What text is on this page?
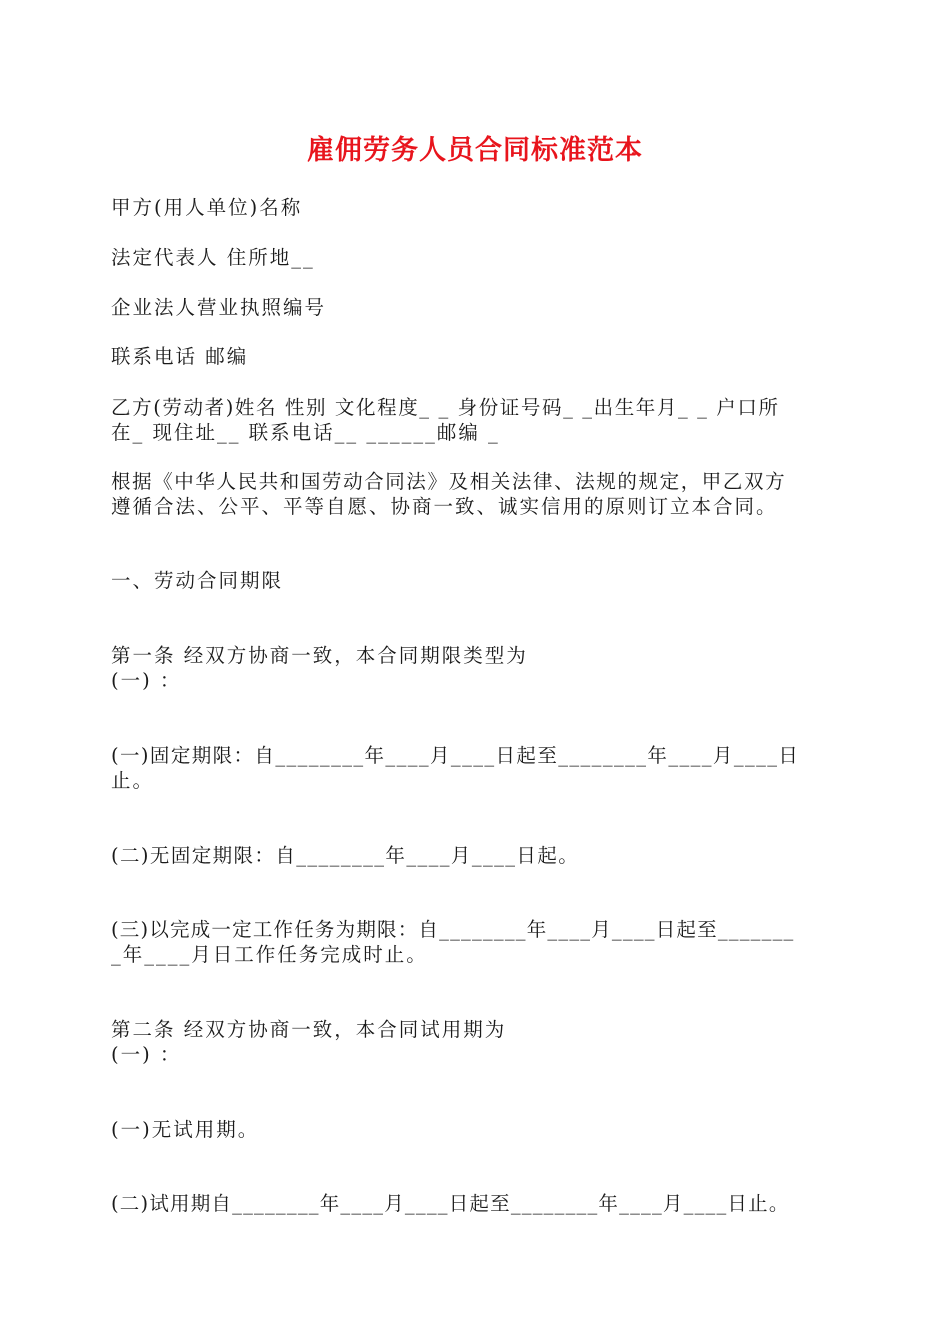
雇佣劳务人员合同标准范本
甲方(用人单位)名称
法定代表人 住所地__
企业法人营业执照编号
联系电话 邮编
乙方(劳动者)姓名 性别 文化程度_ _ 身份证号码_ _出生年月_ _ 户口所
在_ 现住址__ 联系电话__ ______邮编 _
根据《中华人民共和国劳动合同法》及相关法律、法规的规定，甲乙双方
遵循合法、公平、平等自愿、协商一致、诚实信用的原则订立本合同。
一、劳动合同期限
第一条 经双方协商一致，本合同期限类型为
(一) ：
(一)固定期限：自________年____月____日起至________年____月____日
止。
(二)无固定期限：自________年____月____日起。
(三)以完成一定工作任务为期限：自________年____月____日起至_______
_年____月日工作任务完成时止。
第二条 经双方协商一致，本合同试用期为
(一) ：
(一)无试用期。
(二)试用期自________年____月____日起至________年____月____日止。
